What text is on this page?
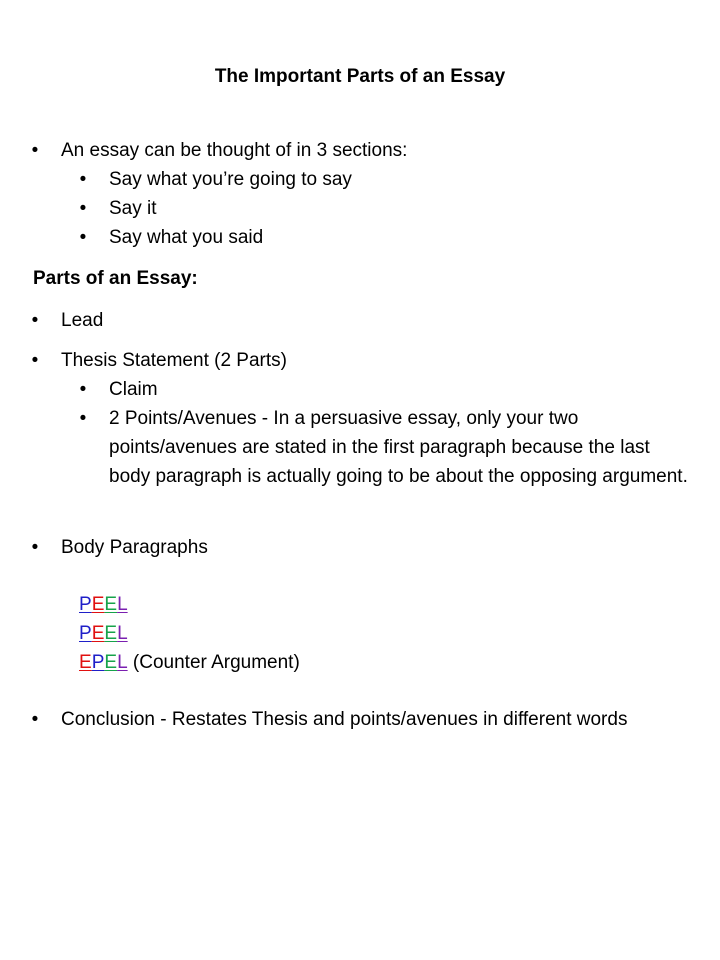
The Important Parts of an Essay
• An essay can be thought of in 3 sections:
• Say what you’re going to say
• Say it
• Say what you said
Parts of an Essay:
• Lead
• Thesis Statement (2 Parts)
• Claim
• 2 Points/Avenues - In a persuasive essay, only your two points/avenues are stated in the first paragraph because the last body paragraph is actually going to be about the opposing argument.
• Body Paragraphs
PEEL
PEEL
EPEL (Counter Argument)
• Conclusion - Restates Thesis and points/avenues in different words
